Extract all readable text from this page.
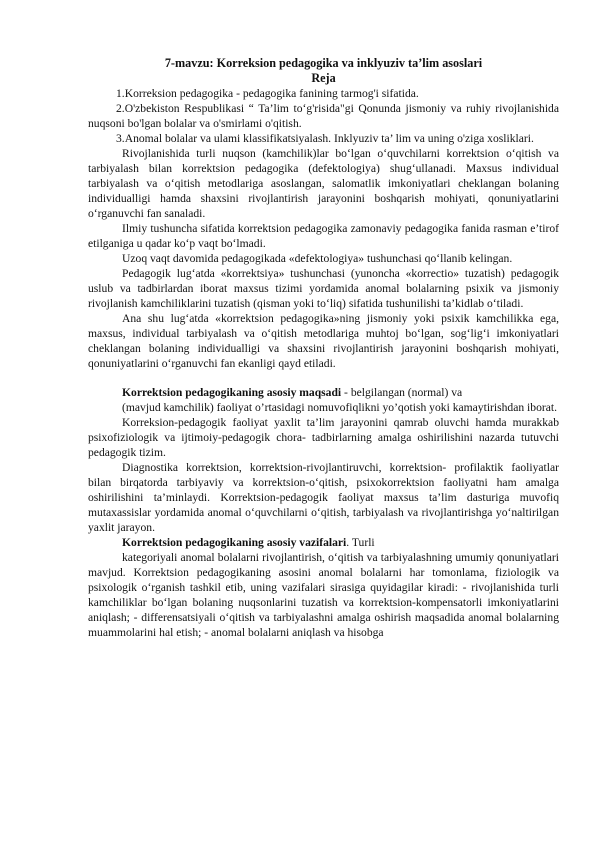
7-mavzu: Korreksion pedagogika va inklyuziv ta’lim asoslari

Reja

1.Korreksion pedagogika - pedagogika fanining tarmog'i sifatida.

2.O'zbekiston Respublikasi “ Ta’lim to‘g'risida"gi Qonunda jismoniy va ruhiy rivojlanishida nuqsoni bo'lgan bolalar va o'smirlami o'qitish.

3.Anomal bolalar va ulami klassifikatsiyalash. Inklyuziv ta’ lim va uning o'ziga xosliklari.

Rivojlanishida turli nuqson (kamchilik)lar bo‘lgan o‘quvchilarni korrektsion o‘qitish va tarbiyalash bilan korrektsion pedagogika (defektologiya) shug‘ullanadi. Maxsus individual tarbiyalash va o‘qitish metodlariga asoslangan, salomatlik imkoniyatlari cheklangan bolaning individualligi hamda shaxsini rivojlantirish jarayonini boshqarish mohiyati, qonuniyatlarini o‘rganuvchi fan sanaladi.

Ilmiy tushuncha sifatida korrektsion pedagogika zamonaviy pedagogika fanida rasman e’tirof etilganiga u qadar ko‘p vaqt bo‘lmadi.

Uzoq vaqt davomida pedagogikada «defektologiya» tushunchasi qo‘llanib kelingan.

Pedagogik lug‘atda «korrektsiya» tushunchasi (yunoncha «korrectio» tuzatish) pedagogik uslub va tadbirlardan iborat maxsus tizimi yordamida anomal bolalarning psixik va jismoniy rivojlanish kamchiliklarini tuzatish (qisman yoki to‘liq) sifatida tushunilishi ta’kidlab o‘tiladi.

Ana shu lug‘atda «korrektsion pedagogika»ning jismoniy yoki psixik kamchilikka ega, maxsus, individual tarbiyalash va o‘qitish metodlariga muhtoj bo‘lgan, sog‘lig‘i imkoniyatlari cheklangan bolaning individualligi va shaxsini rivojlantirish jarayonini boshqarish mohiyati, qonuniyatlarini o‘rganuvchi fan ekanligi qayd etiladi.

Korrektsion pedagogikaning asosiy maqsadi - belgilangan (normal) va

(mavjud kamchilik) faoliyat o’rtasidagi nomuvofiqlikni yo’qotish yoki kamaytirishdan iborat.

Korreksion-pedagogik faoliyat yaxlit ta’lim jarayonini qamrab oluvchi hamda murakkab psixofiziologik va ijtimoiy-pedagogik chora- tadbirlarning amalga oshirilishini nazarda tutuvchi pedagogik tizim.

Diagnostika korrektsion, korrektsion-rivojlantiruvchi, korrektsion- profilaktik faoliyatlar bilan birqatorda tarbiyaviy va korrektsion-o‘qitish, psixokorrektsion faoliyatni ham amalga oshirilishini ta’minlaydi. Korrektsion-pedagogik faoliyat maxsus ta’lim dasturiga muvofiq mutaxassislar yordamida anomal o‘quvchilarni o‘qitish, tarbiyalash va rivojlantirishga yo‘naltirilgan yaxlit jarayon.

Korrektsion pedagogikaning asosiy vazifalari. Turli

kategoriyali anomal bolalarni rivojlantirish, o‘qitish va tarbiyalashning umumiy qonuniyatlari mavjud. Korrektsion pedagogikaning asosini anomal bolalarni har tomonlama, fiziologik va psixologik o‘rganish tashkil etib, uning vazifalari sirasiga quyidagilar kiradi: - rivojlanishida turli kamchiliklar bo‘lgan bolaning nuqsonlarini tuzatish va korrektsion-kompensatorli imkoniyatlarini aniqlash; - differensatsiyali o‘qitish va tarbiyalashni amalga oshirish maqsadida anomal bolalarning muammolarini hal etish; - anomal bolalarni aniqlash va hisobga
